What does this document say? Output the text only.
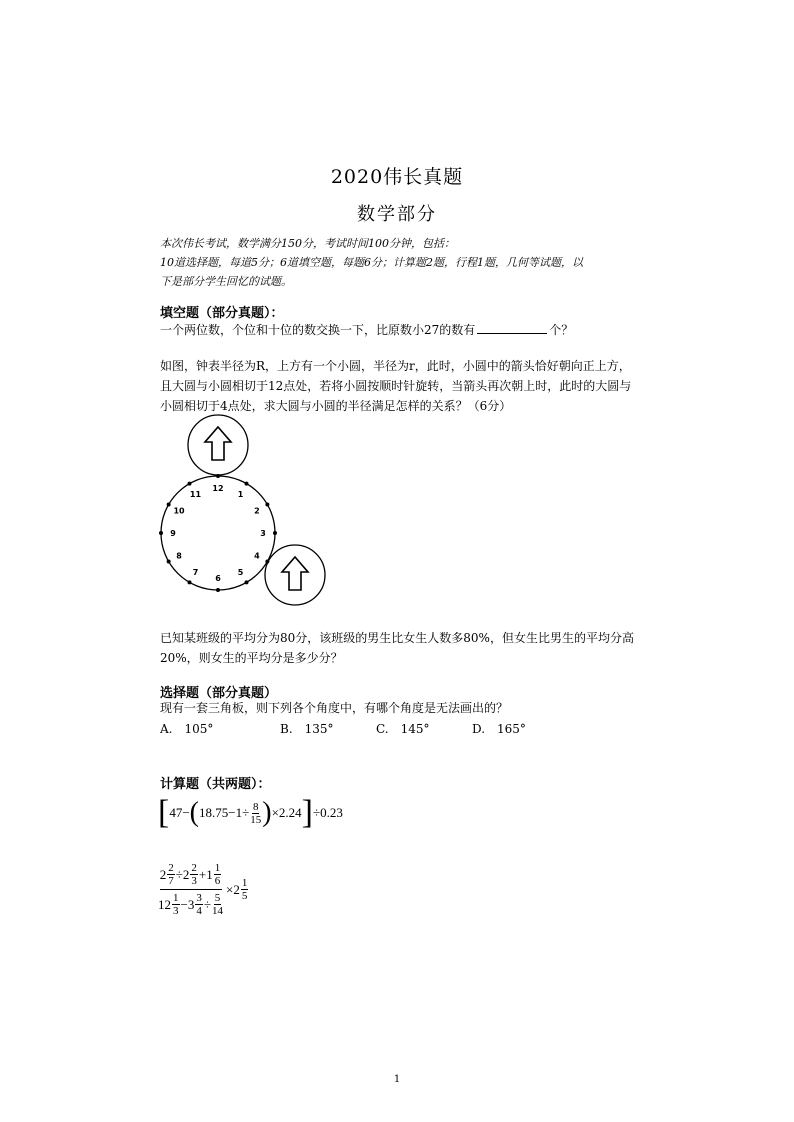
2020伟长真题
数学部分
本次伟长考试，数学满分150分，考试时间100分钟，包括：
10道选择题，每道5分；6道填空题，每题6分；计算题2题，行程1题，几何等试题，以
下是部分学生回忆的试题。
填空题（部分真题）：
一个两位数，个位和十位的数交换一下，比原数小27的数有	个？
如图，钟表半径为R，上方有一个小圆，半径为r，此时，小圆中的箭头恰好朝向正上方，
且大圆与小圆相切于12点处，若将小圆按顺时针旋转，当箭头再次朝上时，此时的大圆与
小圆相切于4点处，求大圆与小圆的半径满足怎样的关系？（6分）
12
1
2
3
4
5
6
7
8
9
10
11
已知某班级的平均分为80分，该班级的男生比女生人数多80%，但女生比男生的平均分高
20%，则女生的平均分是多少分？
选择题（部分真题）
现有一套三角板，则下列各个角度中，有哪个角度是无法画出的？
A.　105°	B.　135°	C.　145°	D.　165°
计算题（共两题）：
[ 47 − ( $18.75 - 1 \div \frac{8}{15}$ ) × 2.24 ] ÷ 0.23
$\frac{2 \frac{2}{7} \div 2 \frac{2}{3} + 1 \frac{1}{6}}{12 \frac{1}{3} - 3 \frac{3}{4} \div \frac{5}{14}} \times 2 \frac{1}{5}$
1
